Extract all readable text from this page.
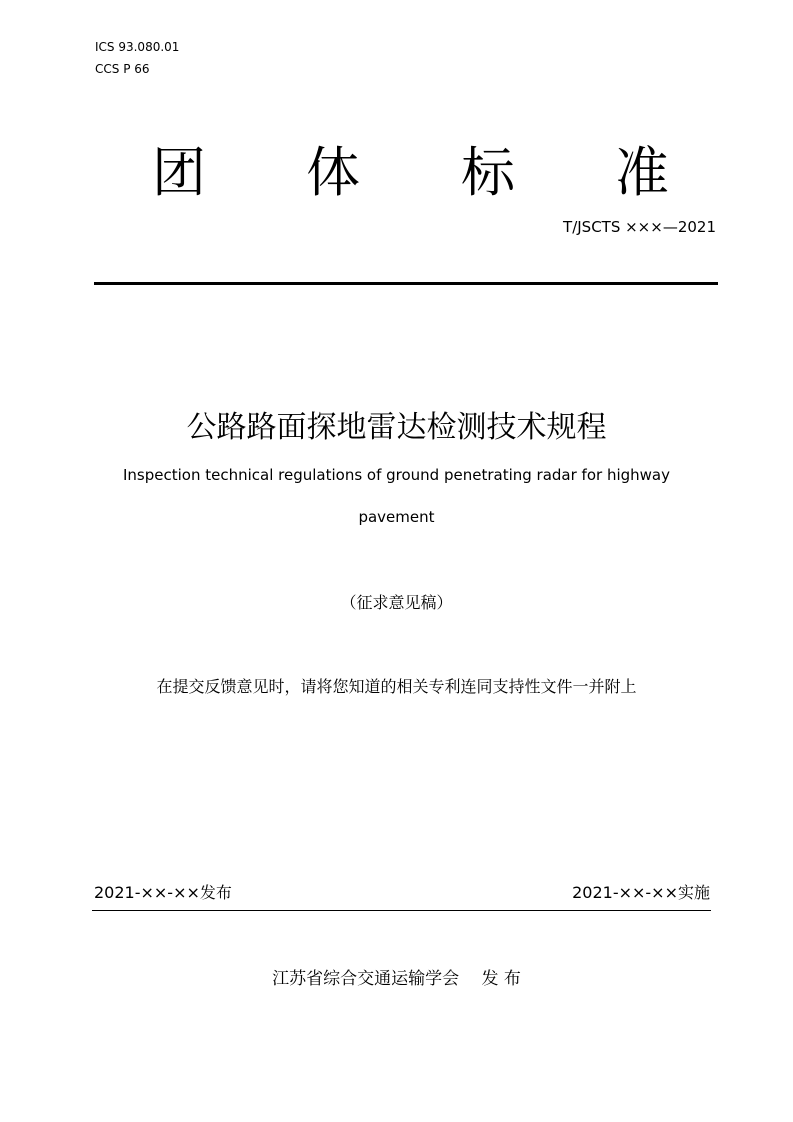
ICS 93.080.01
CCS P 66
团 体 标 准
T/JSCTS ×××—2021
公路路面探地雷达检测技术规程
Inspection technical regulations of ground penetrating radar for highway
pavement
（征求意见稿）
在提交反馈意见时，请将您知道的相关专利连同支持性文件一并附上
2021-××-××发布	2021-××-××实施
江苏省综合交通运输学会　 发 布
